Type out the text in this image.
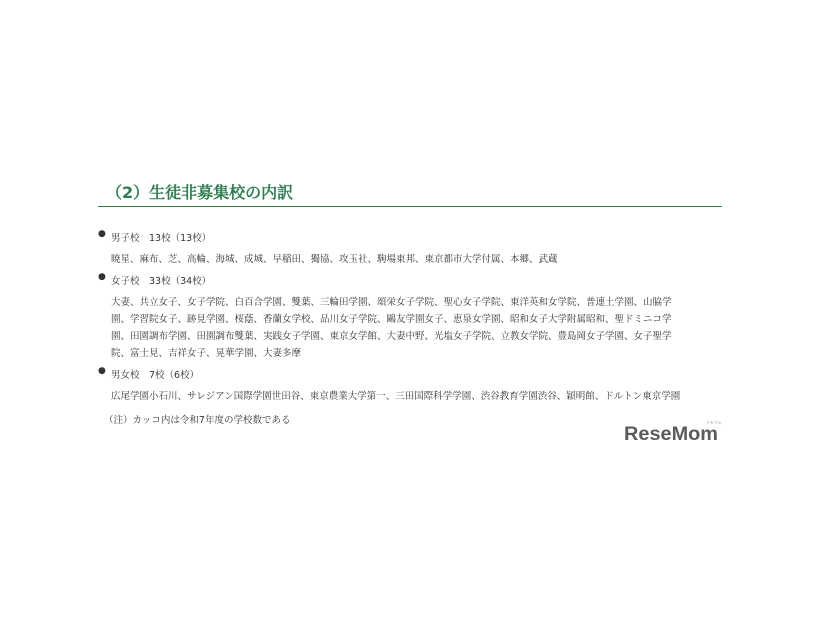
（2）生徒非募集校の内訳
● 男子校　13校（13校）
暁星、麻布、芝、高輪、海城、成城、早稲田、獨協、攻玉社、駒場東邦、東京都市大学付属、本郷、武蔵
● 女子校　33校（34校）
大妻、共立女子、女子学院、白百合学園、雙葉、三輪田学園、頌栄女子学院、聖心女子学院、東洋英和女学院、普連土学園、山脇学
園、学習院女子、跡見学園、桜蔭、香蘭女学校、品川女子学院、鷗友学園女子、恵泉女学園、昭和女子大学附属昭和、聖ドミニコ学
園、田園調布学園、田園調布雙葉、実践女子学園、東京女学館、大妻中野、光塩女子学院、立教女学院、豊島岡女子学園、女子聖学
院、富士見、吉祥女子、晃華学園、大妻多摩
● 男女校　7校（6校）
広尾学園小石川、サレジアン国際学園世田谷、東京農業大学第一、三田国際科学学園、渋谷教育学園渋谷、穎明館、ドルトン東京学園
（注）カッコ内は令和7年度の学校数である
ReseMom
リセマム
